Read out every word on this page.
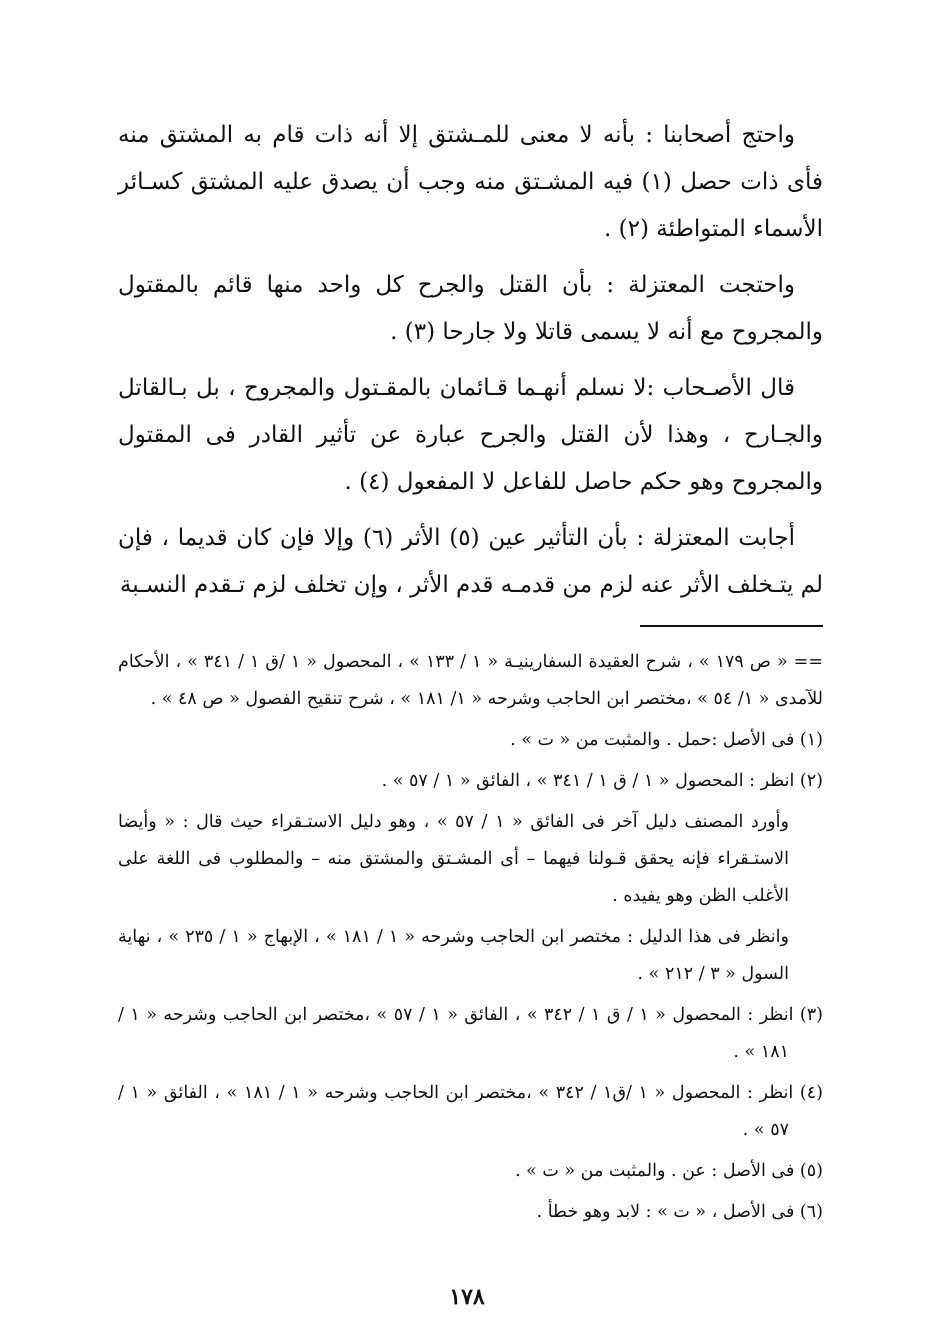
واحتج أصحابنا : بأنه لا معنى للمـشتق إلا أنه ذات قام به المشتق منه فأى ذات حصل (١) فيه المشـتق منه وجب أن يصدق عليه المشتق كسـائر الأسماء المتواطئة (٢) .

واحتجت المعتزلة : بأن القتل والجرح كل واحد منها قائم بالمقتول والمجروح مع أنه لا يسمى قاتلا ولا جارحا (٣) .

قال الأصـحاب :لا نسلم أنهـما قـائمان بالمقـتول والمجروح ، بل بـالقاتل والجـارح ، وهذا لأن القتل والجرح عبارة عن تأثير القادر فى المقتول والمجروح وهو حكم حاصل للفاعل لا المفعول (٤) .

أجابت المعتزلة : بأن التأثير عين (٥) الأثر (٦) وإلا فإن كان قديما ، فإن لم يتـخلف الأثر عنه لزم من قدمـه قدم الأثر ، وإن تخلف لزم تـقدم النسـبة

== « ص ١٧٩ » ، شرح العقيدة السفارينيـة « ١ / ١٣٣ » ، المحصول « ١ /ق ١ / ٣٤١ » ، الأحكام للآمدى « ١/ ٥٤ » ،مختصر ابن الحاجب وشرحه « ١/ ١٨١ » ، شرح تنقيح الفصول « ص ٤٨ » .

(١) فى الأصل :حمل . والمثبت من « ت » .

(٢) انظر : المحصول « ١ / ق ١ / ٣٤١ » ، الفائق « ١ / ٥٧ » .

وأورد المصنف دليل آخر فى الفائق « ١ / ٥٧ » ، وهو دليل الاستـقراء حيث قال : « وأيضا الاستـقراء فإنه يحقق قـولنا فيهما – أى المشـتق والمشتق منه – والمطلوب فى اللغة على الأغلب الظن وهو يفيده .

وانظر فى هذا الدليل : مختصر ابن الحاجب وشرحه « ١ / ١٨١ » ، الإبهاج « ١ / ٢٣٥ » ، نهاية السول « ٣ / ٢١٢ » .

(٣) انظر : المحصول « ١ / ق ١ / ٣٤٢ » ، الفائق « ١ / ٥٧ » ،مختصر ابن الحاجب وشرحه « ١ / ١٨١ » .

(٤) انظر : المحصول « ١ /ق١ / ٣٤٢ » ،مختصر ابن الحاجب وشرحه « ١ / ١٨١ » ، الفائق « ١ / ٥٧ » .

(٥) فى الأصل : عن . والمثبت من « ت » .

(٦) فى الأصل ، « ت » : لابد وهو خطأ .

١٧٨
